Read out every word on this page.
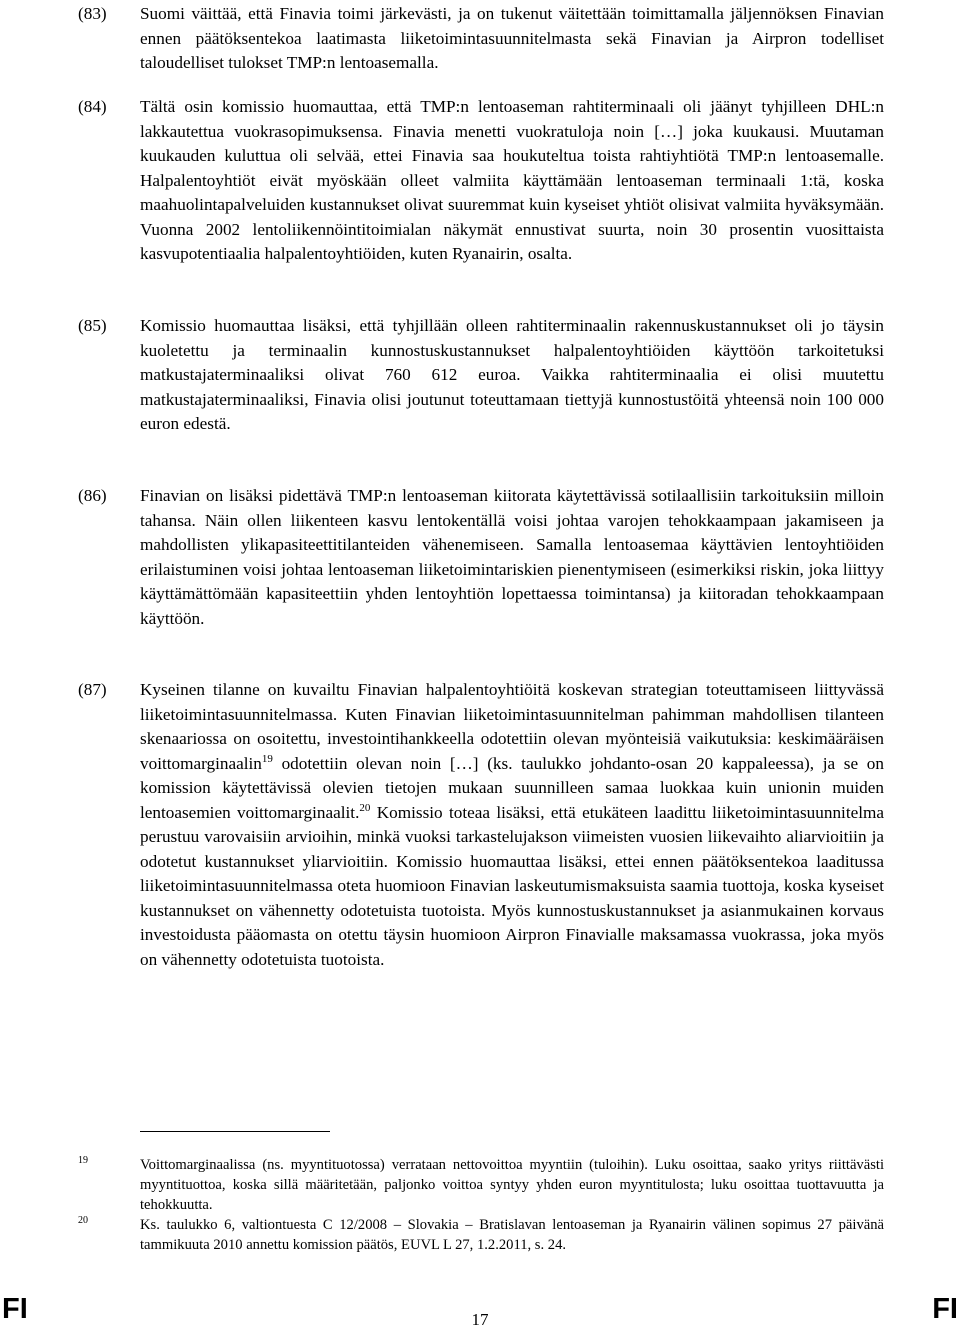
(83) Suomi väittää, että Finavia toimi järkevästi, ja on tukenut väitettään toimittamalla jäljennöksen Finavian ennen päätöksentekoa laatimasta liiketoimintasuunnitelmasta sekä Finavian ja Airpron todelliset taloudelliset tulokset TMP:n lentoasemalla.
(84) Tältä osin komissio huomauttaa, että TMP:n lentoaseman rahtiterminaali oli jäänyt tyhjilleen DHL:n lakkautettua vuokrasopimuksensa. Finavia menetti vuokratuloja noin […] joka kuukausi. Muutaman kuukauden kuluttua oli selvää, ettei Finavia saa houkuteltua toista rahtiyhtiötä TMP:n lentoasemalle. Halpalentoyhtiöt eivät myöskään olleet valmiita käyttämään lentoaseman terminaali 1:tä, koska maahuolintapalveluiden kustannukset olivat suuremmat kuin kyseiset yhtiöt olisivat valmiita hyväksymään. Vuonna 2002 lentoliikennöintitoimialan näkymät ennustivat suurta, noin 30 prosentin vuosittaista kasvupotentiaalia halpalentoyhtiöiden, kuten Ryanairin, osalta.
(85) Komissio huomauttaa lisäksi, että tyhjillään olleen rahtiterminaalin rakennuskustannukset oli jo täysin kuoletettu ja terminaalin kunnostuskustannukset halpalentoyhtiöiden käyttöön tarkoitetuksi matkustajaterminaaliksi olivat 760 612 euroa. Vaikka rahtiterminaalia ei olisi muutettu matkustajaterminaaliksi, Finavia olisi joutunut toteuttamaan tiettyjä kunnostustöitä yhteensä noin 100 000 euron edestä.
(86) Finavian on lisäksi pidettävä TMP:n lentoaseman kiitorata käytettävissä sotilaallisiin tarkoituksiin milloin tahansa. Näin ollen liikenteen kasvu lentokentällä voisi johtaa varojen tehokkaampaan jakamiseen ja mahdollisten ylikapasiteettitilanteiden vähenemiseen. Samalla lentoasemaa käyttävien lentoyhtiöiden erilaistuminen voisi johtaa lentoaseman liiketoimintariskien pienentymiseen (esimerkiksi riskin, joka liittyy käyttämättömään kapasiteettiin yhden lentoyhtiön lopettaessa toimintansa) ja kiitoradan tehokkaampaan käyttöön.
(87) Kyseinen tilanne on kuvailtu Finavian halpalentoyhtiöitä koskevan strategian toteuttamiseen liittyvässä liiketoimintasuunnitelmassa. Kuten Finavian liiketoimintasuunnitelman pahimman mahdollisen tilanteen skenaariossa on osoitettu, investointihankkeella odotettiin olevan myönteisiä vaikutuksia: keskimääräisen voittomarginaalin$^{19}$ odotettiin olevan noin […] (ks. taulukko johdanto-osan 20 kappaleessa), ja se on komission käytettävissä olevien tietojen mukaan suunnilleen samaa luokkaa kuin unionin muiden lentoasemien voittomarginaalit.$^{20}$ Komissio toteaa lisäksi, että etukäteen laadittu liiketoimintasuunnitelma perustuu varovaisiin arvioihin, minkä vuoksi tarkastelujakson viimeisten vuosien liikevaihto aliarvioitiin ja odotetut kustannukset yliarvioitiin. Komissio huomauttaa lisäksi, ettei ennen päätöksentekoa laaditussa liiketoimintasuunnitelmassa oteta huomioon Finavian laskeutumismaksuista saamia tuottoja, koska kyseiset kustannukset on vähennetty odotetuista tuotoista. Myös kunnostuskustannukset ja asianmukainen korvaus investoidusta pääomasta on otettu täysin huomioon Airpron Finavialle maksamassa vuokrassa, joka myös on vähennetty odotetuista tuotoista.
19	Voittomarginaalissa (ns. myyntituotossa) verrataan nettovoittoa myyntiin (tuloihin). Luku osoittaa, saako yritys riittävästi myyntituottoa, koska sillä määritetään, paljonko voittoa syntyy yhden euron myyntitulosta; luku osoittaa tuottavuutta ja tehokkuutta.
20	Ks. taulukko 6, valtiontuesta C 12/2008 – Slovakia – Bratislavan lentoaseman ja Ryanairin välinen sopimus 27 päivänä tammikuuta 2010 annettu komission päätös, EUVL L 27, 1.2.2011, s. 24.
FI	17	FI
